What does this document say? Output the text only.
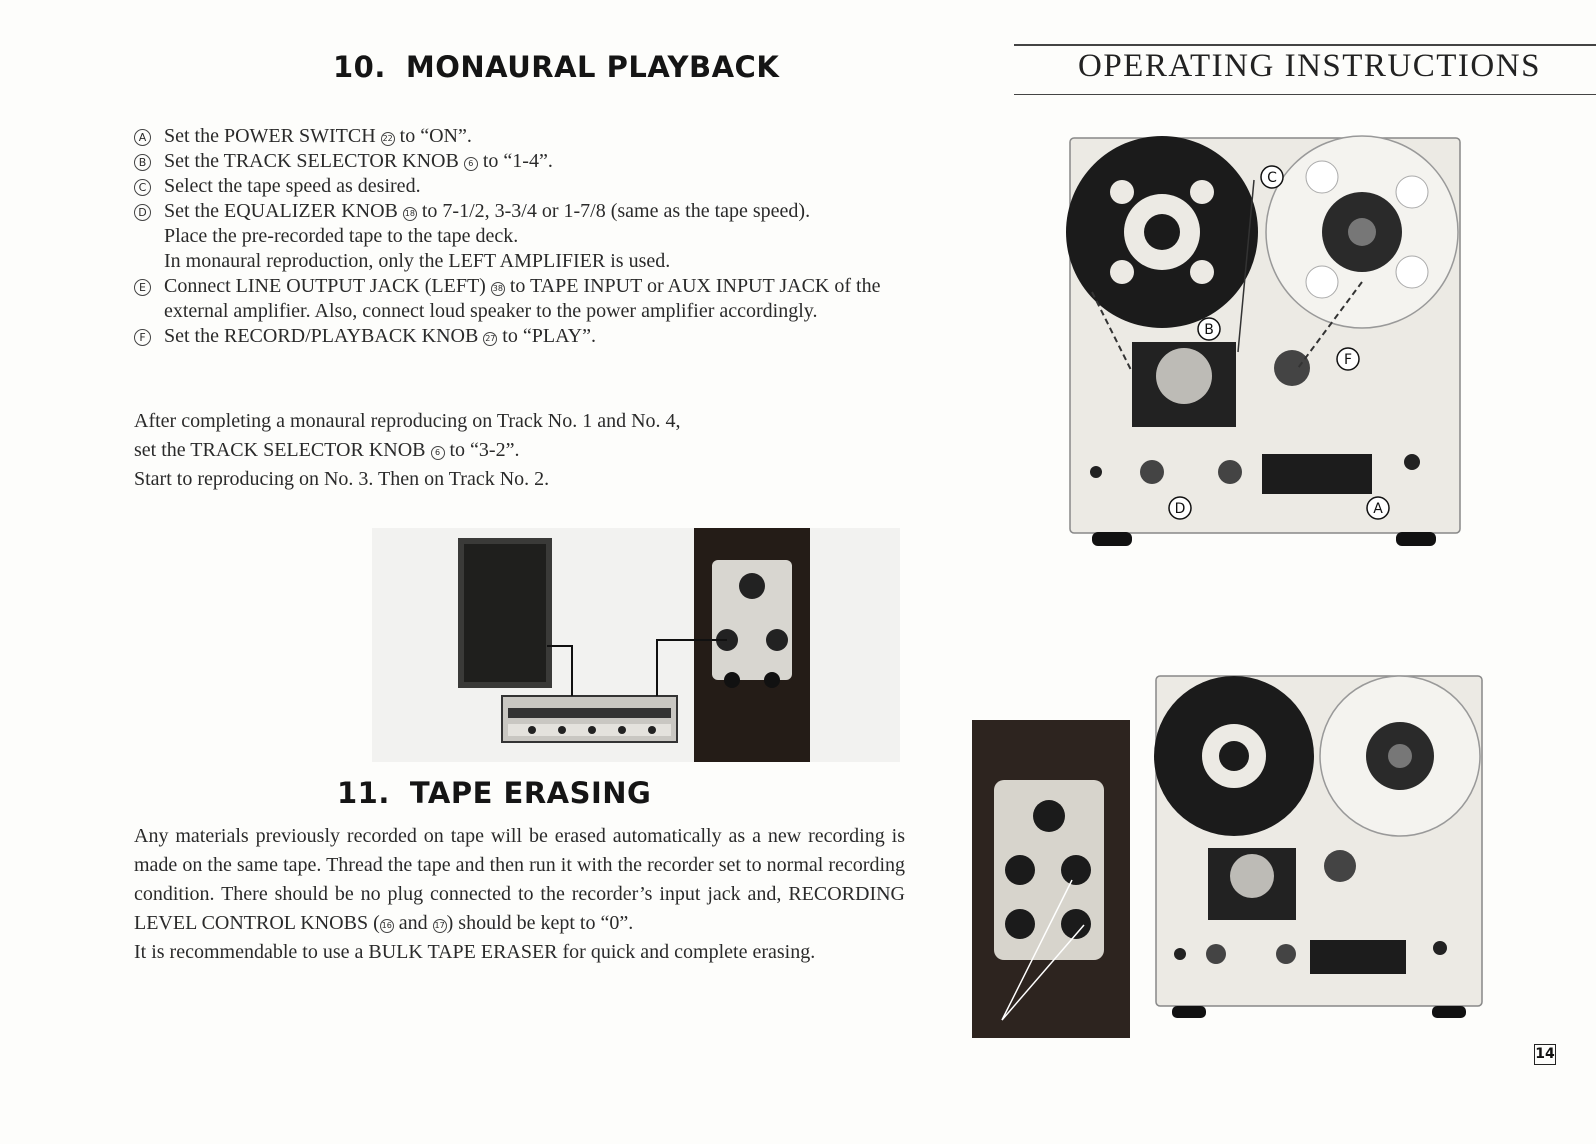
10. MONAURAL PLAYBACK	OPERATING INSTRUCTIONS
A Set the POWER SWITCH 22 to “ON”.
B Set the TRACK SELECTOR KNOB 6 to “1-4”.
C Select the tape speed as desired.
D Set the EQUALIZER KNOB 18 to 7-1/2, 3-3/4 or 1-7/8 (same as the tape speed).
Place the pre-recorded tape to the tape deck.
In monaural reproduction, only the LEFT AMPLIFIER is used.
E Connect LINE OUTPUT JACK (LEFT) 38 to TAPE INPUT or AUX INPUT JACK of the external amplifier. Also, connect loud speaker to the power amplifier accordingly.
F Set the RECORD/PLAYBACK KNOB 27 to “PLAY”.
After completing a monaural reproducing on Track No. 1 and No. 4,
set the TRACK SELECTOR KNOB 6 to “3-2”.
Start to reproducing on No. 3. Then on Track No. 2.
11. TAPE ERASING
Any materials previously recorded on tape will be erased automatically as a new recording is made on the same tape. Thread the tape and then run it with the recorder set to normal recording condition. There should be no plug connected to the recorder’s input jack and, RECORDING LEVEL CONTROL KNOBS ( 16 and 17) should be kept to “0”.
It is recommendable to use a BULK TAPE ERASER for quick and complete erasing.
C
B
F
D	A
14
